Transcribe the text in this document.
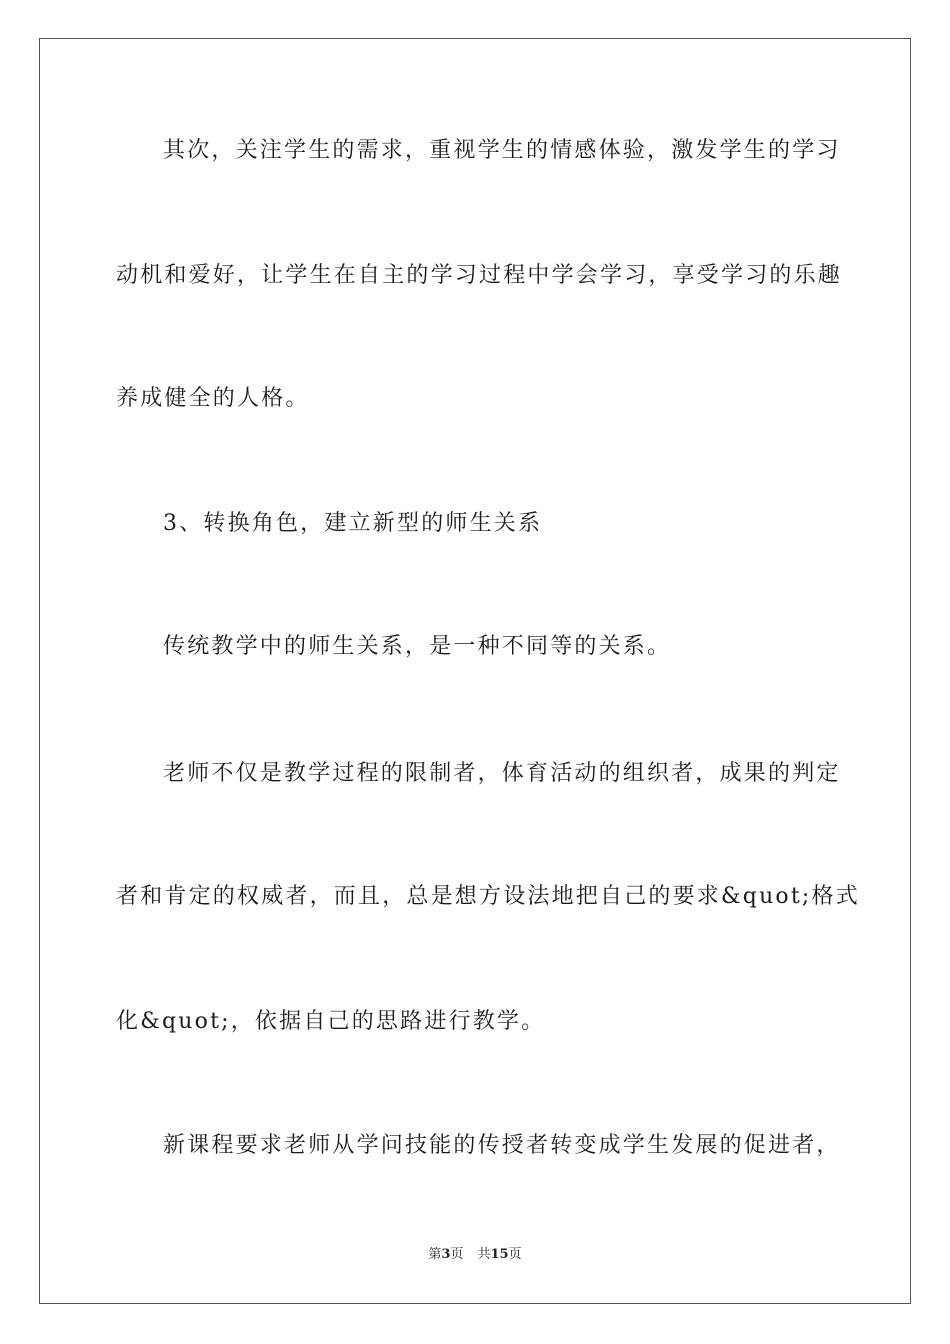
其次，关注学生的需求，重视学生的情感体验，激发学生的学习
动机和爱好，让学生在自主的学习过程中学会学习，享受学习的乐趣
养成健全的人格。
3、转换角色，建立新型的师生关系
传统教学中的师生关系，是一种不同等的关系。
老师不仅是教学过程的限制者，体育活动的组织者，成果的判定
者和肯定的权威者，而且，总是想方设法地把自己的要求&quot;格式
化&quot;，依据自己的思路进行教学。
新课程要求老师从学问技能的传授者转变成学生发展的促进者，
第3页 共15页
